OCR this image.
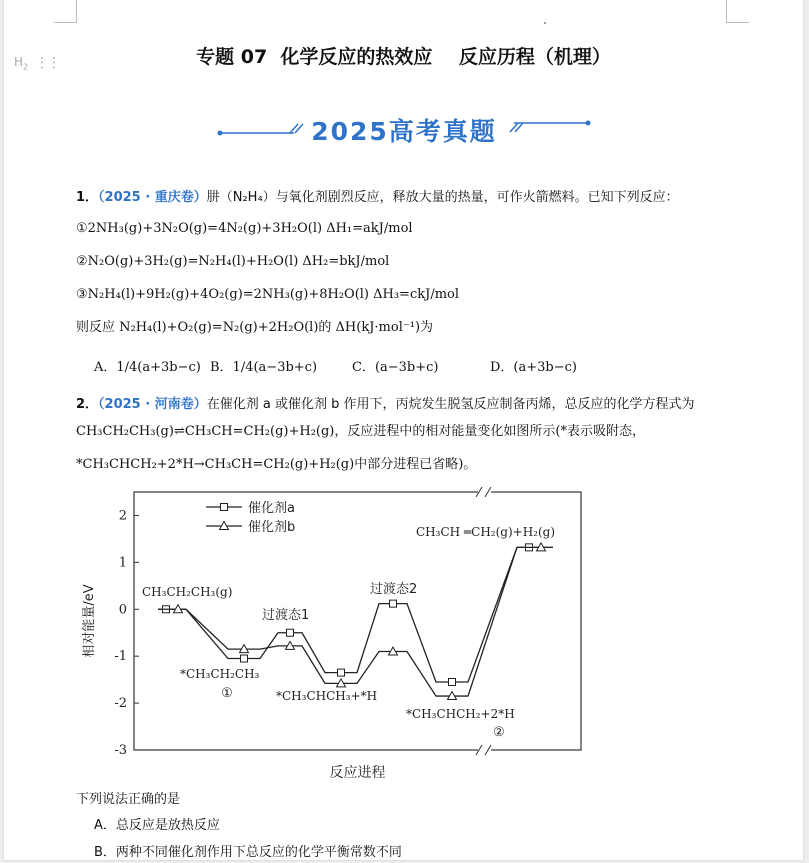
$H_2$ ⋮⋮	专题 07  化学反应的热效应    反应历程（机理）
2025高考真题
1．（2025 · 重庆卷）肼（N₂H₄）与氧化剂剧烈反应，释放大量的热量，可作火箭燃料。已知下列反应：
①2NH₃(g)+3N₂O(g)=4N₂(g)+3H₂O(l) ΔH₁=akJ/mol
②N₂O(g)+3H₂(g)=N₂H₄(l)+H₂O(l) ΔH₂=bkJ/mol
③N₂H₄(l)+9H₂(g)+4O₂(g)=2NH₃(g)+8H₂O(l) ΔH₃=ckJ/mol
则反应 N₂H₄(l)+O₂(g)=N₂(g)+2H₂O(l)的 ΔH(kJ·mol⁻¹)为
A．1/4(a+3b−c) B．1/4(a−3b+c)	C．(a−3b+c)	D．(a+3b−c)
2．（2025 · 河南卷）在催化剂 a 或催化剂 b 作用下，丙烷发生脱氢反应制备丙烯，总反应的化学方程式为
CH₃CH₂CH₃(g)⇌CH₃CH=CH₂(g)+H₂(g)，反应进程中的相对能量变化如图所示(*表示吸附态，
*CH₃CHCH₂+2*H→CH₃CH=CH₂(g)+H₂(g)中部分进程已省略)。
2
1
0
-1
-2
-3
相对能量/eV
反应进程
催化剂a
催化剂b
CH₃CH₂CH₃(g)
*CH₃CH₂CH₃
①
过渡态1
*CH₃CHCH₃+*H
过渡态2
*CH₃CHCH₂+2*H
②
CH₃CH ═CH₂(g)+H₂(g)
下列说法正确的是
A．总反应是放热反应
B．两种不同催化剂作用下总反应的化学平衡常数不同
